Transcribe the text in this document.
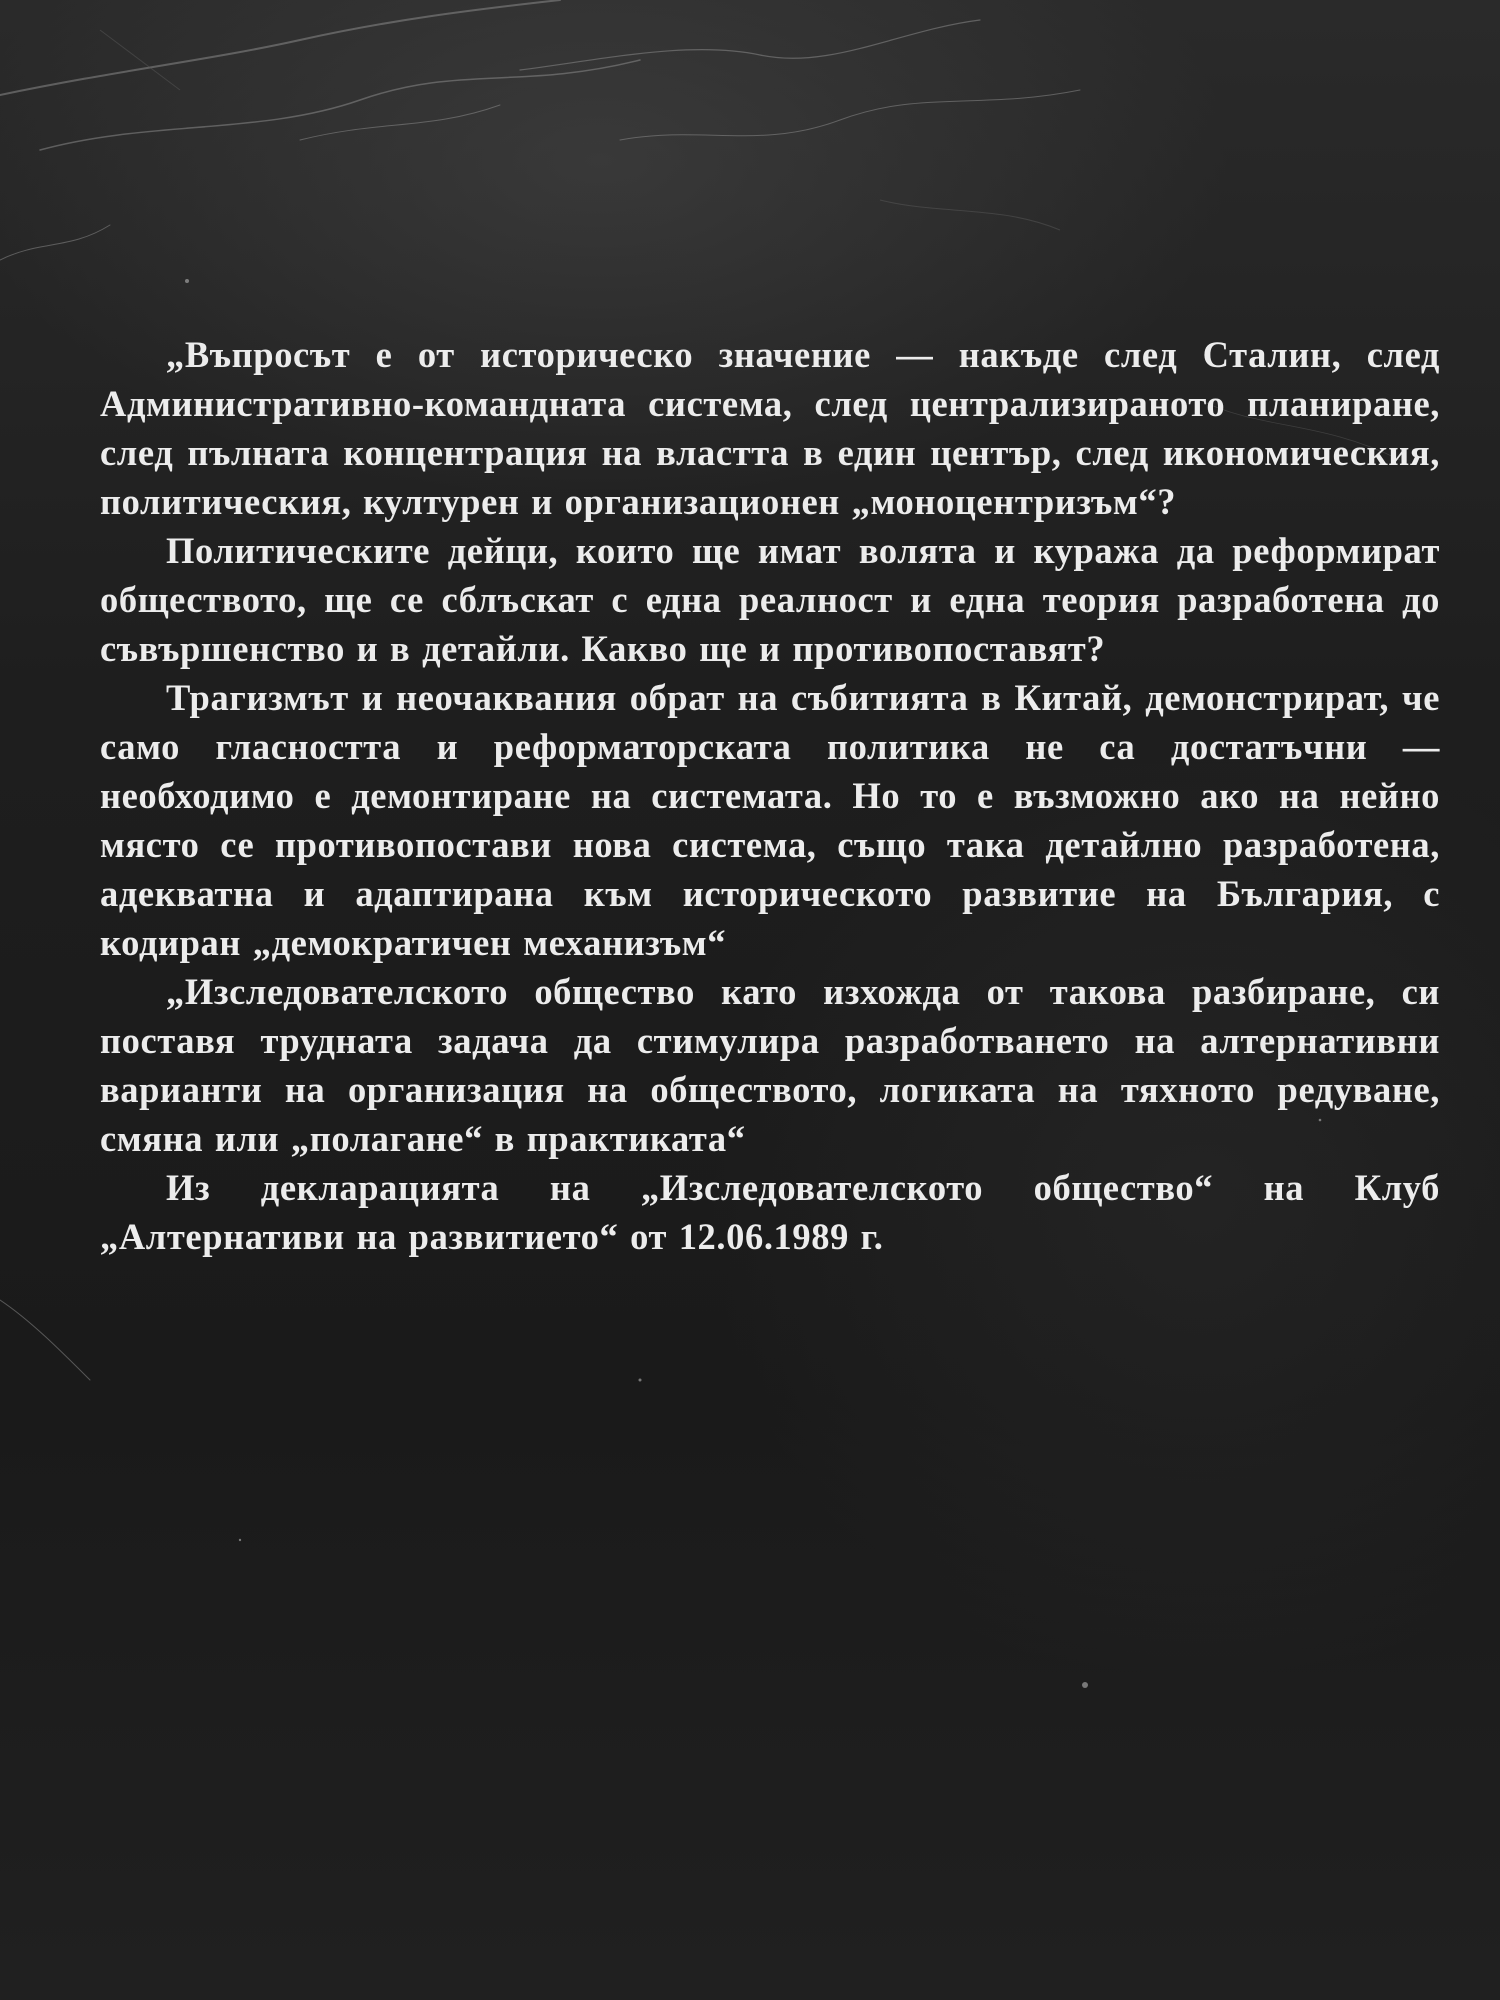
„Въпросът е от историческо значение — накъде след Сталин, след Административно-командната система, след централизираното планиране, след пълната концентрация на властта в един център, след икономическия, политическия, културен и организационен „моноцентризъм“?

Политическите дейци, които ще имат волята и куража да реформират обществото, ще се сблъскат с една реалност и една теория разработена до съвършенство и в детайли. Какво ще и противопоставят?

Трагизмът и неочаквания обрат на събитията в Китай, демонстрират, че само гласността и реформаторската политика не са достатъчни — необходимо е демонтиране на системата. Но то е възможно ако на нейно място се противопостави нова система, също така детайлно разработена, адекватна и адаптирана към историческото развитие на България, с кодиран „демократичен механизъм“

„Изследователското общество като изхожда от такова разбиране, си поставя трудната задача да стимулира разработването на алтернативни варианти на организация на обществото, логиката на тяхното редуване, смяна или „полагане“ в практиката“

Из декларацията на „Изследователското общество“ на Клуб „Алтернативи на развитието“ от 12.06.1989 г.
